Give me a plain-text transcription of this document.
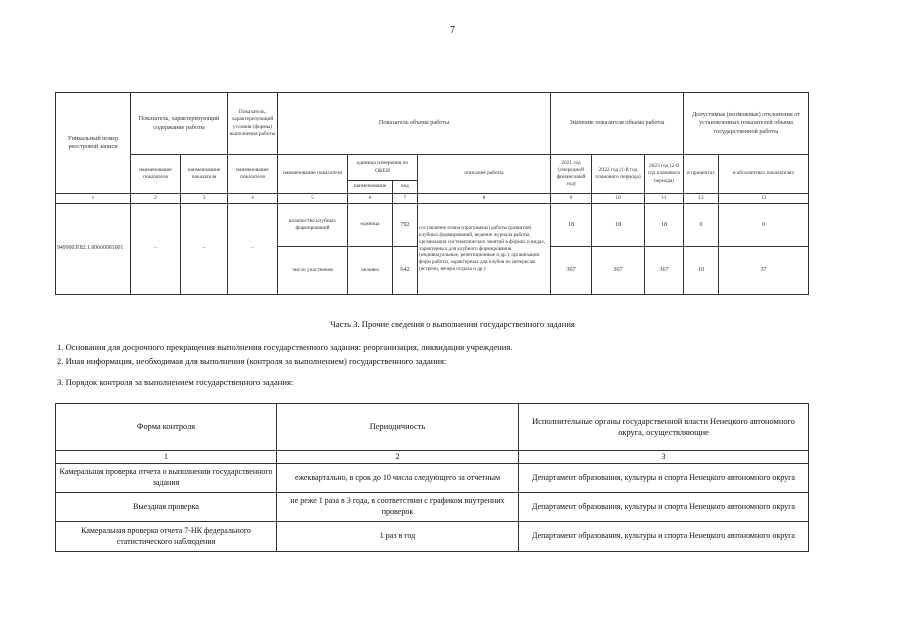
7
Уникальный номер реестровой записи	Показатель, характеризующий содержание работы		Показатель, характеризующий условия (формы) выполнения работы	Показатель объема работы				Значение показателя объема работы			Допустимые (возможные) отклонения от установленных показателей объема государственной работы	
	наименование показателя	наименование показателя	наименование показателя	наименование показателя	единица измерения по ОКЕИ		описание работы	2021 год (очередной финансовый год)	2022 год (1-й год планового периода)	2023 год (2-й год планового периода)	в процентах	в абсолютных показателях
					наименование	код						
1	2	3	4	5	6	7	8	9	10	11	12	13
949900.Р.82.1.00660001001	–	–	–	количество клубных формирований	единица	792	составление плана (программы) работы (развития) клубных формирований, ведение журнала работы, организация систематических занятий в формах и видах, характерных для клубного формирования (индивидуальные, репетиционные и др.); организация форм работы, характерных для клубов по интересам (встречи, вечера отдыха и др.)	18	18	18	0	0
				число участников	человек	642		367	367	367	10	37
Часть 3. Прочие сведения о выполнении государственного задания
1. Основания для досрочного прекращения выполнения государственного задания: реорганизация, ликвидация учреждения.
2. Иная информация, необходимая для выполнения (контроля за выполнением) государственного задания:
3. Порядок контроля за выполнением государственного задания:
Форма контроля	Периодичность	Исполнительные органы государственной власти Ненецкого автономного округа, осуществляющие
1	2	3
Камеральная проверка отчета о выполнении государственного задания	ежеквартально, в срок до 10 числа следующего за отчетным	Департамент образования, культуры и спорта Ненецкого автономного округа
Выездная проверка	не реже 1 раза в 3 года, в соответствии с графиком внутренних проверок	Департамент образования, культуры и спорта Ненецкого автономного округа
Камеральная проверка отчета 7-НК федерального статистического наблюдения	1 раз в год	Департамент образования, культуры и спорта Ненецкого автономного округа
